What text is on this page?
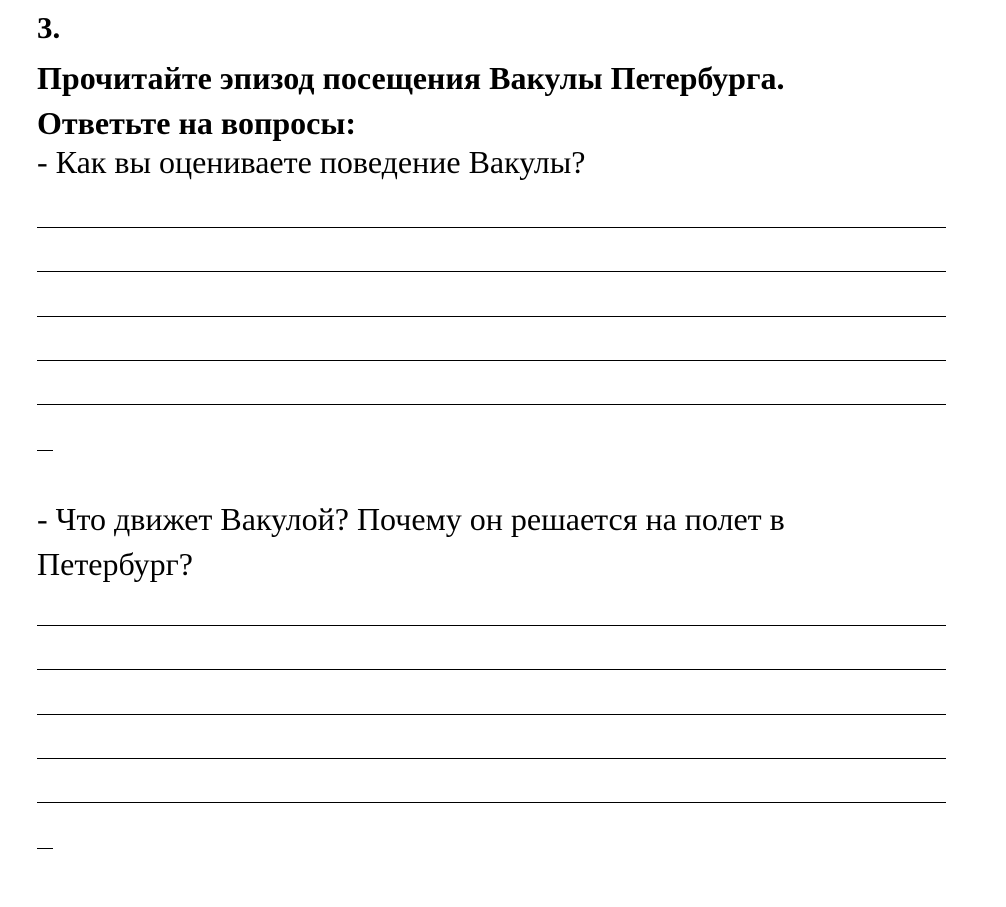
3.
Прочитайте эпизод посещения Вакулы Петербурга.
Ответьте на вопросы:
- Как вы оцениваете поведение Вакулы?
- Что движет Вакулой? Почему он решается на полет в
Петербург?
